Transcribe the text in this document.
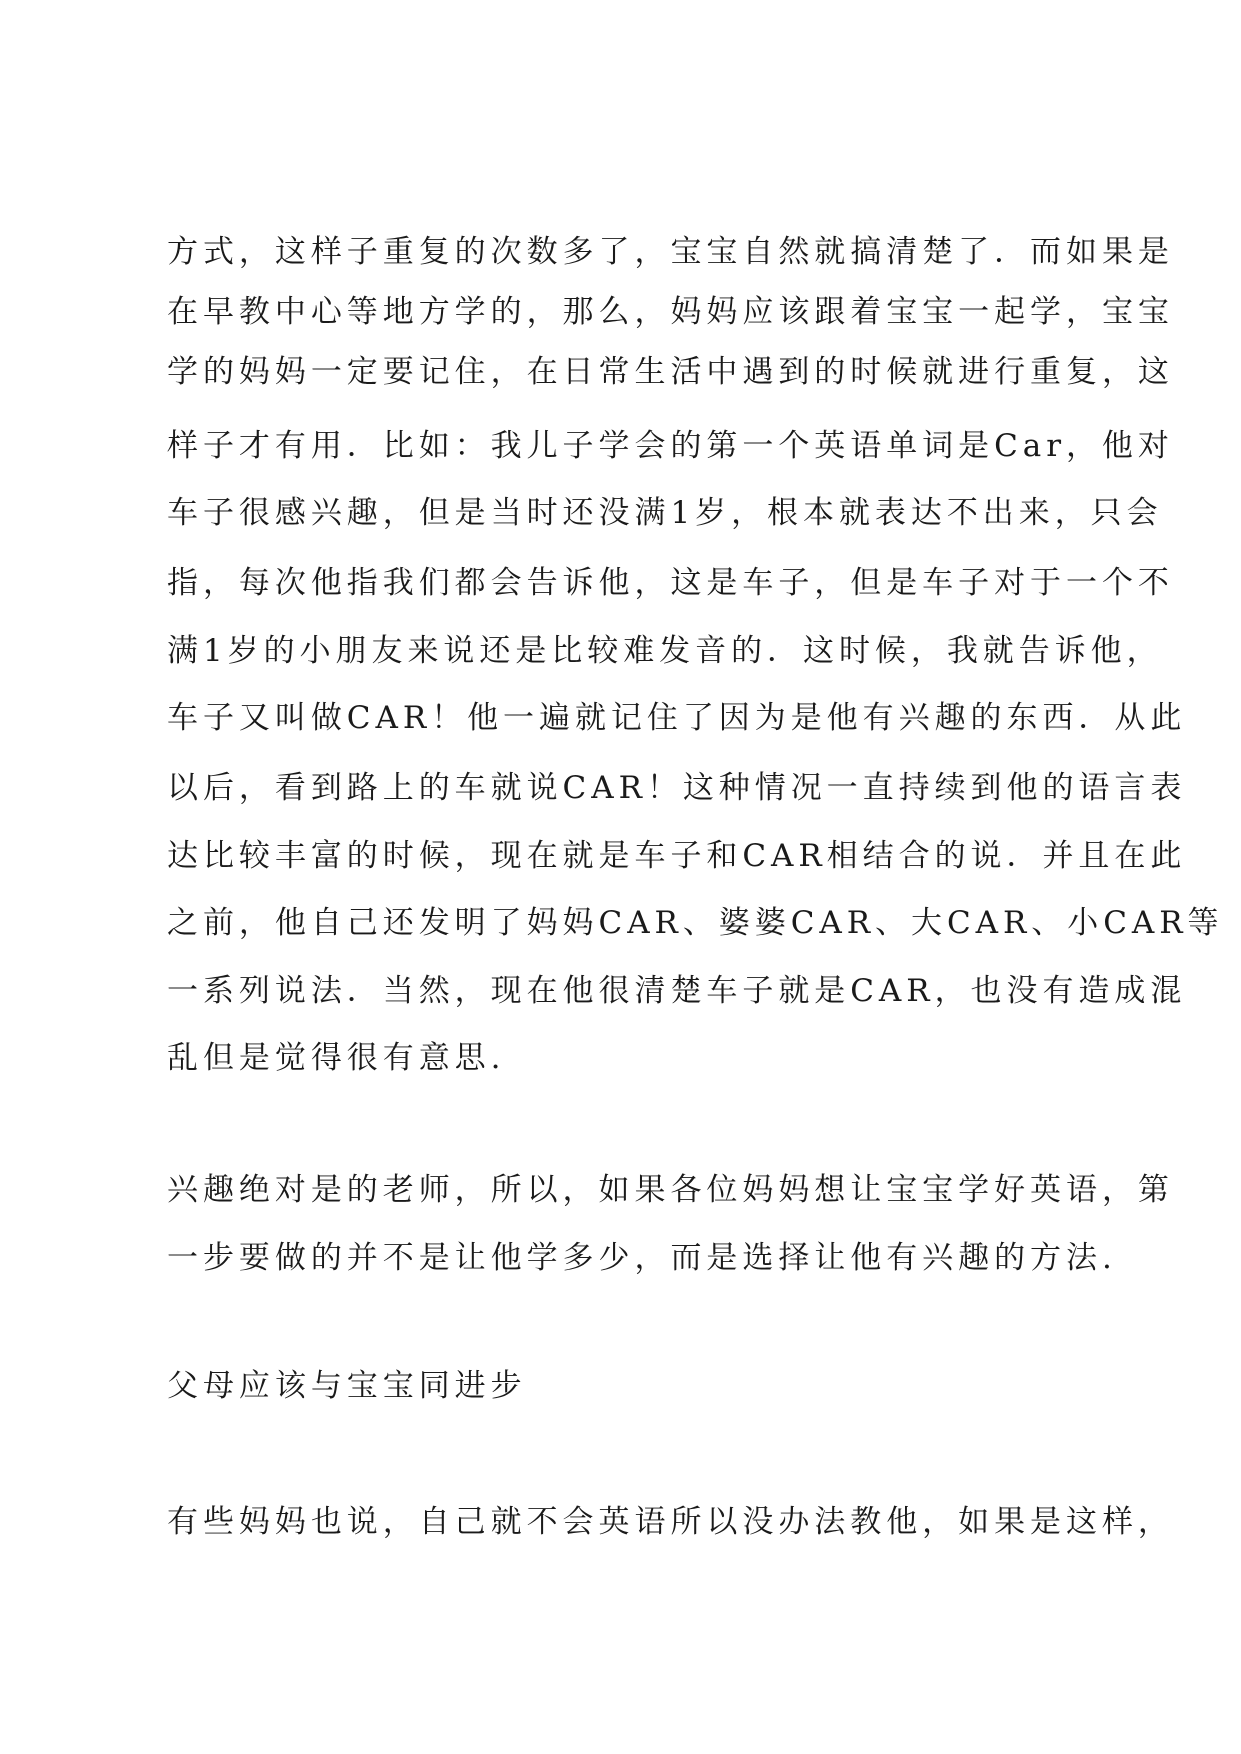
方式，这样子重复的次数多了，宝宝自然就搞清楚了．而如果是

在早教中心等地方学的，那么，妈妈应该跟着宝宝一起学，宝宝

学的妈妈一定要记住，在日常生活中遇到的时候就进行重复，这

样子才有用．比如：我儿子学会的第一个英语单词是Car，他对

车子很感兴趣，但是当时还没满1岁，根本就表达不出来，只会

指，每次他指我们都会告诉他，这是车子，但是车子对于一个不

满1岁的小朋友来说还是比较难发音的．这时候，我就告诉他，

车子又叫做CAR！他一遍就记住了因为是他有兴趣的东西．从此

以后，看到路上的车就说CAR！这种情况一直持续到他的语言表

达比较丰富的时候，现在就是车子和CAR相结合的说．并且在此

之前，他自己还发明了妈妈CAR、婆婆CAR、大CAR、小CAR等

一系列说法．当然，现在他很清楚车子就是CAR，也没有造成混

乱但是觉得很有意思.

兴趣绝对是的老师，所以，如果各位妈妈想让宝宝学好英语，第

一步要做的并不是让他学多少，而是选择让他有兴趣的方法.

父母应该与宝宝同进步

有些妈妈也说，自己就不会英语所以没办法教他，如果是这样，
